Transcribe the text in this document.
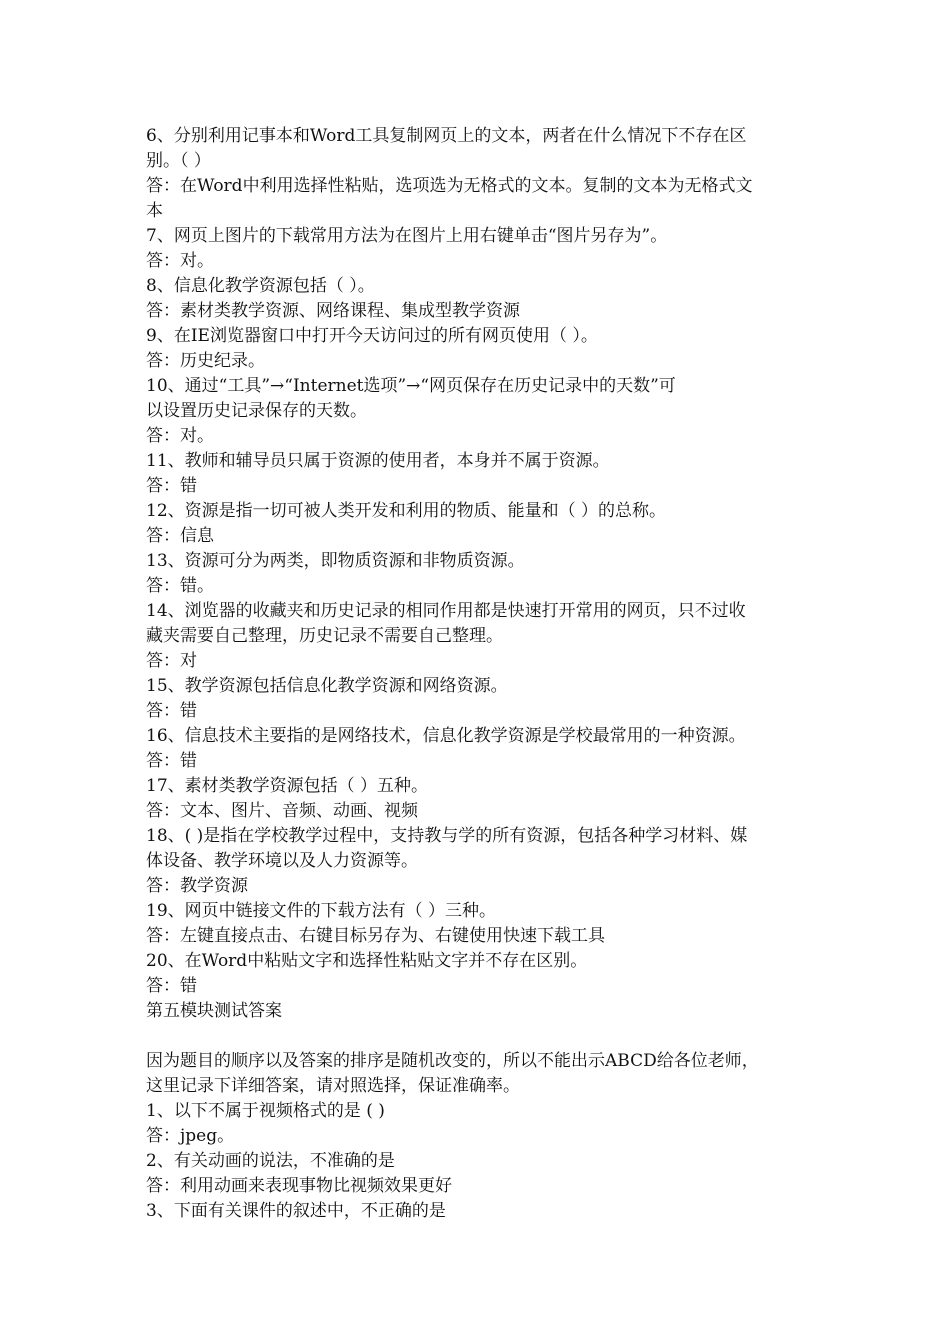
6、分别利用记事本和Word工具复制网页上的文本，两者在什么情况下不存在区
别。（ ）
答：在Word中利用选择性粘贴，选项选为无格式的文本。复制的文本为无格式文
本
7、网页上图片的下载常用方法为在图片上用右键单击“图片另存为”。
答：对。
8、信息化教学资源包括（ ）。
答：素材类教学资源、网络课程、集成型教学资源
9、在IE浏览器窗口中打开今天访问过的所有网页使用（ ）。
答：历史纪录。
10、通过“工具”→“Internet选项”→“网页保存在历史记录中的天数”可
以设置历史记录保存的天数。
答：对。
11、教师和辅导员只属于资源的使用者，本身并不属于资源。
答：错
12、资源是指一切可被人类开发和利用的物质、能量和（ ）的总称。
答：信息
13、资源可分为两类，即物质资源和非物质资源。
答：错。
14、浏览器的收藏夹和历史记录的相同作用都是快速打开常用的网页，只不过收
藏夹需要自己整理，历史记录不需要自己整理。
答：对
15、教学资源包括信息化教学资源和网络资源。
答：错
16、信息技术主要指的是网络技术，信息化教学资源是学校最常用的一种资源。
答：错
17、素材类教学资源包括（ ）五种。
答：文本、图片、音频、动画、视频
18、( )是指在学校教学过程中，支持教与学的所有资源，包括各种学习材料、媒
体设备、教学环境以及人力资源等。
答：教学资源
19、网页中链接文件的下载方法有（ ）三种。
答：左键直接点击、右键目标另存为、右键使用快速下载工具
20、在Word中粘贴文字和选择性粘贴文字并不存在区别。
答：错
第五模块测试答案
因为题目的顺序以及答案的排序是随机改变的，所以不能出示ABCD给各位老师，
这里记录下详细答案，请对照选择，保证准确率。
1、以下不属于视频格式的是 ( )
答：jpeg。
2、有关动画的说法，不准确的是
答：利用动画来表现事物比视频效果更好
3、下面有关课件的叙述中，不正确的是
